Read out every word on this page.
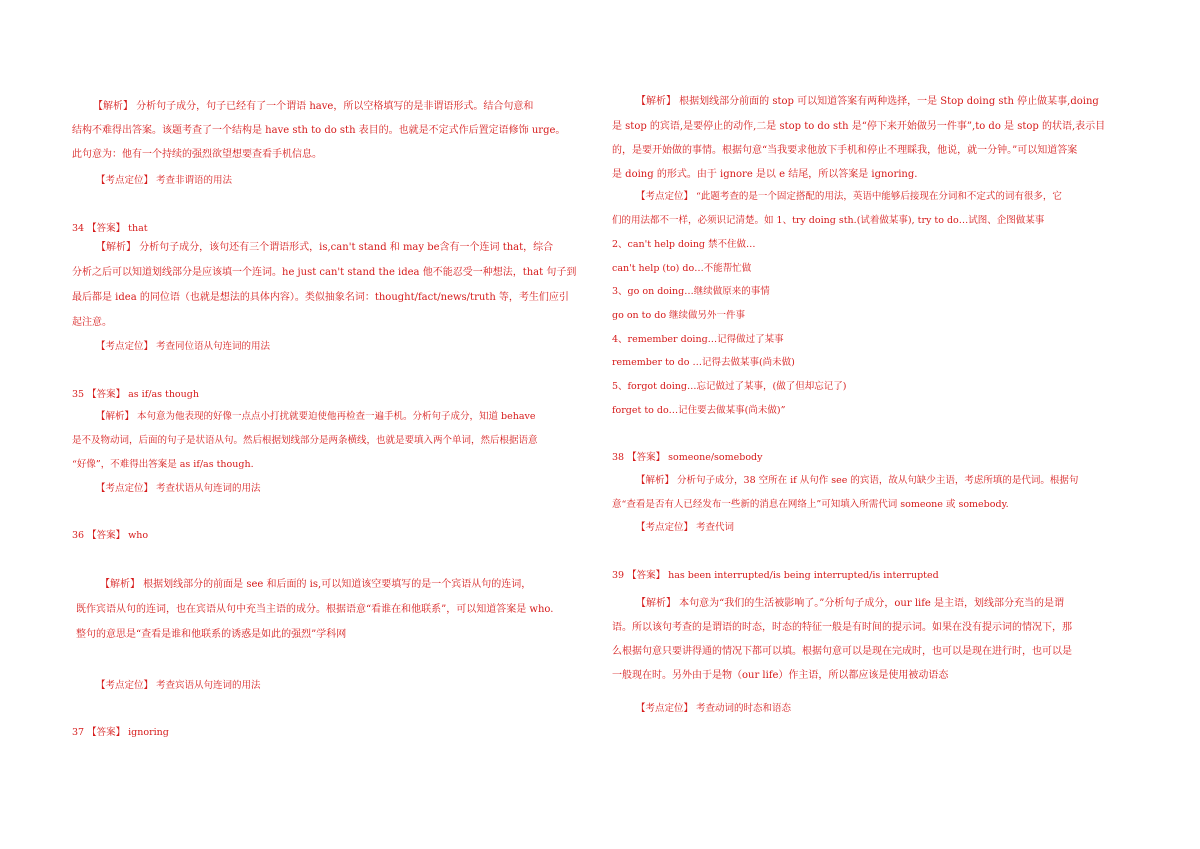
【解析】 分析句子成分，句子已经有了一个谓语 have，所以空格填写的是非谓语形式。结合句意和
结构不难得出答案。该题考查了一个结构是 have sth to do sth 表目的。也就是不定式作后置定语修饰 urge。
此句意为：他有一个持续的强烈欲望想要查看手机信息。
【考点定位】 考查非谓语的用法
34 【答案】 that
【解析】 分析句子成分，该句还有三个谓语形式，is,can't stand 和 may be含有一个连词 that，综合
分析之后可以知道划线部分是应该填一个连词。he just can't stand the idea 他不能忍受一种想法，that 句子到
最后都是 idea 的同位语（也就是想法的具体内容）。类似抽象名词：thought/fact/news/truth 等，考生们应引
起注意。
【考点定位】 考查同位语从句连词的用法
35 【答案】 as if/as though
【解析】 本句意为他表现的好像一点点小打扰就要迫使他再检查一遍手机。分析句子成分，知道 behave
是不及物动词，后面的句子是状语从句。然后根据划线部分是两条横线，也就是要填入两个单词，然后根据语意
“好像”，不难得出答案是 as if/as though.
【考点定位】 考查状语从句连词的用法
36 【答案】 who
【解析】 根据划线部分的前面是 see 和后面的 is,可以知道该空要填写的是一个宾语从句的连词，
既作宾语从句的连词，也在宾语从句中充当主语的成分。根据语意“看谁在和他联系”，可以知道答案是 who.
整句的意思是“查看是谁和他联系的诱惑是如此的强烈”学科网
【考点定位】 考查宾语从句连词的用法
37 【答案】 ignoring
【解析】 根据划线部分前面的 stop 可以知道答案有两种选择，一是 Stop doing sth 停止做某事,doing
是 stop 的宾语,是要停止的动作,二是 stop to do sth 是“停下来开始做另一件事”,to do 是 stop 的状语,表示目
的，是要开始做的事情。根据句意“当我要求他放下手机和停止不理睬我，他说，就一分钟。”可以知道答案
是 doing 的形式。由于 ignore 是以 e 结尾，所以答案是 ignoring.
【考点定位】 “此题考查的是一个固定搭配的用法，英语中能够后接现在分词和不定式的词有很多，它
们的用法都不一样，必须识记清楚。如 1、try doing sth.(试着做某事), try to do…试图、企图做某事
2、can't help doing 禁不住做…
can't help (to) do…不能帮忙做
3、go on doing…继续做原来的事情
go on to do 继续做另外一件事
4、remember doing…记得做过了某事
remember to do …记得去做某事(尚未做)
5、forgot doing…忘记做过了某事，(做了但却忘记了)
forget to do…记住要去做某事(尚未做)”
38 【答案】 someone/somebody
【解析】 分析句子成分，38 空所在 if 从句作 see 的宾语，故从句缺少主语，考虑所填的是代词。根据句
意“查看是否有人已经发布一些新的消息在网络上”可知填入所需代词 someone 或 somebody.
【考点定位】 考查代词
39 【答案】 has been interrupted/is being interrupted/is interrupted
【解析】 本句意为“我们的生活被影响了。”分析句子成分，our life 是主语，划线部分充当的是谓
语。所以该句考查的是谓语的时态，时态的特征一般是有时间的提示词。如果在没有提示词的情况下，那
么根据句意只要讲得通的情况下都可以填。根据句意可以是现在完成时，也可以是现在进行时，也可以是
一般现在时。另外由于是物（our life）作主语，所以都应该是使用被动语态
【考点定位】 考查动词的时态和语态
